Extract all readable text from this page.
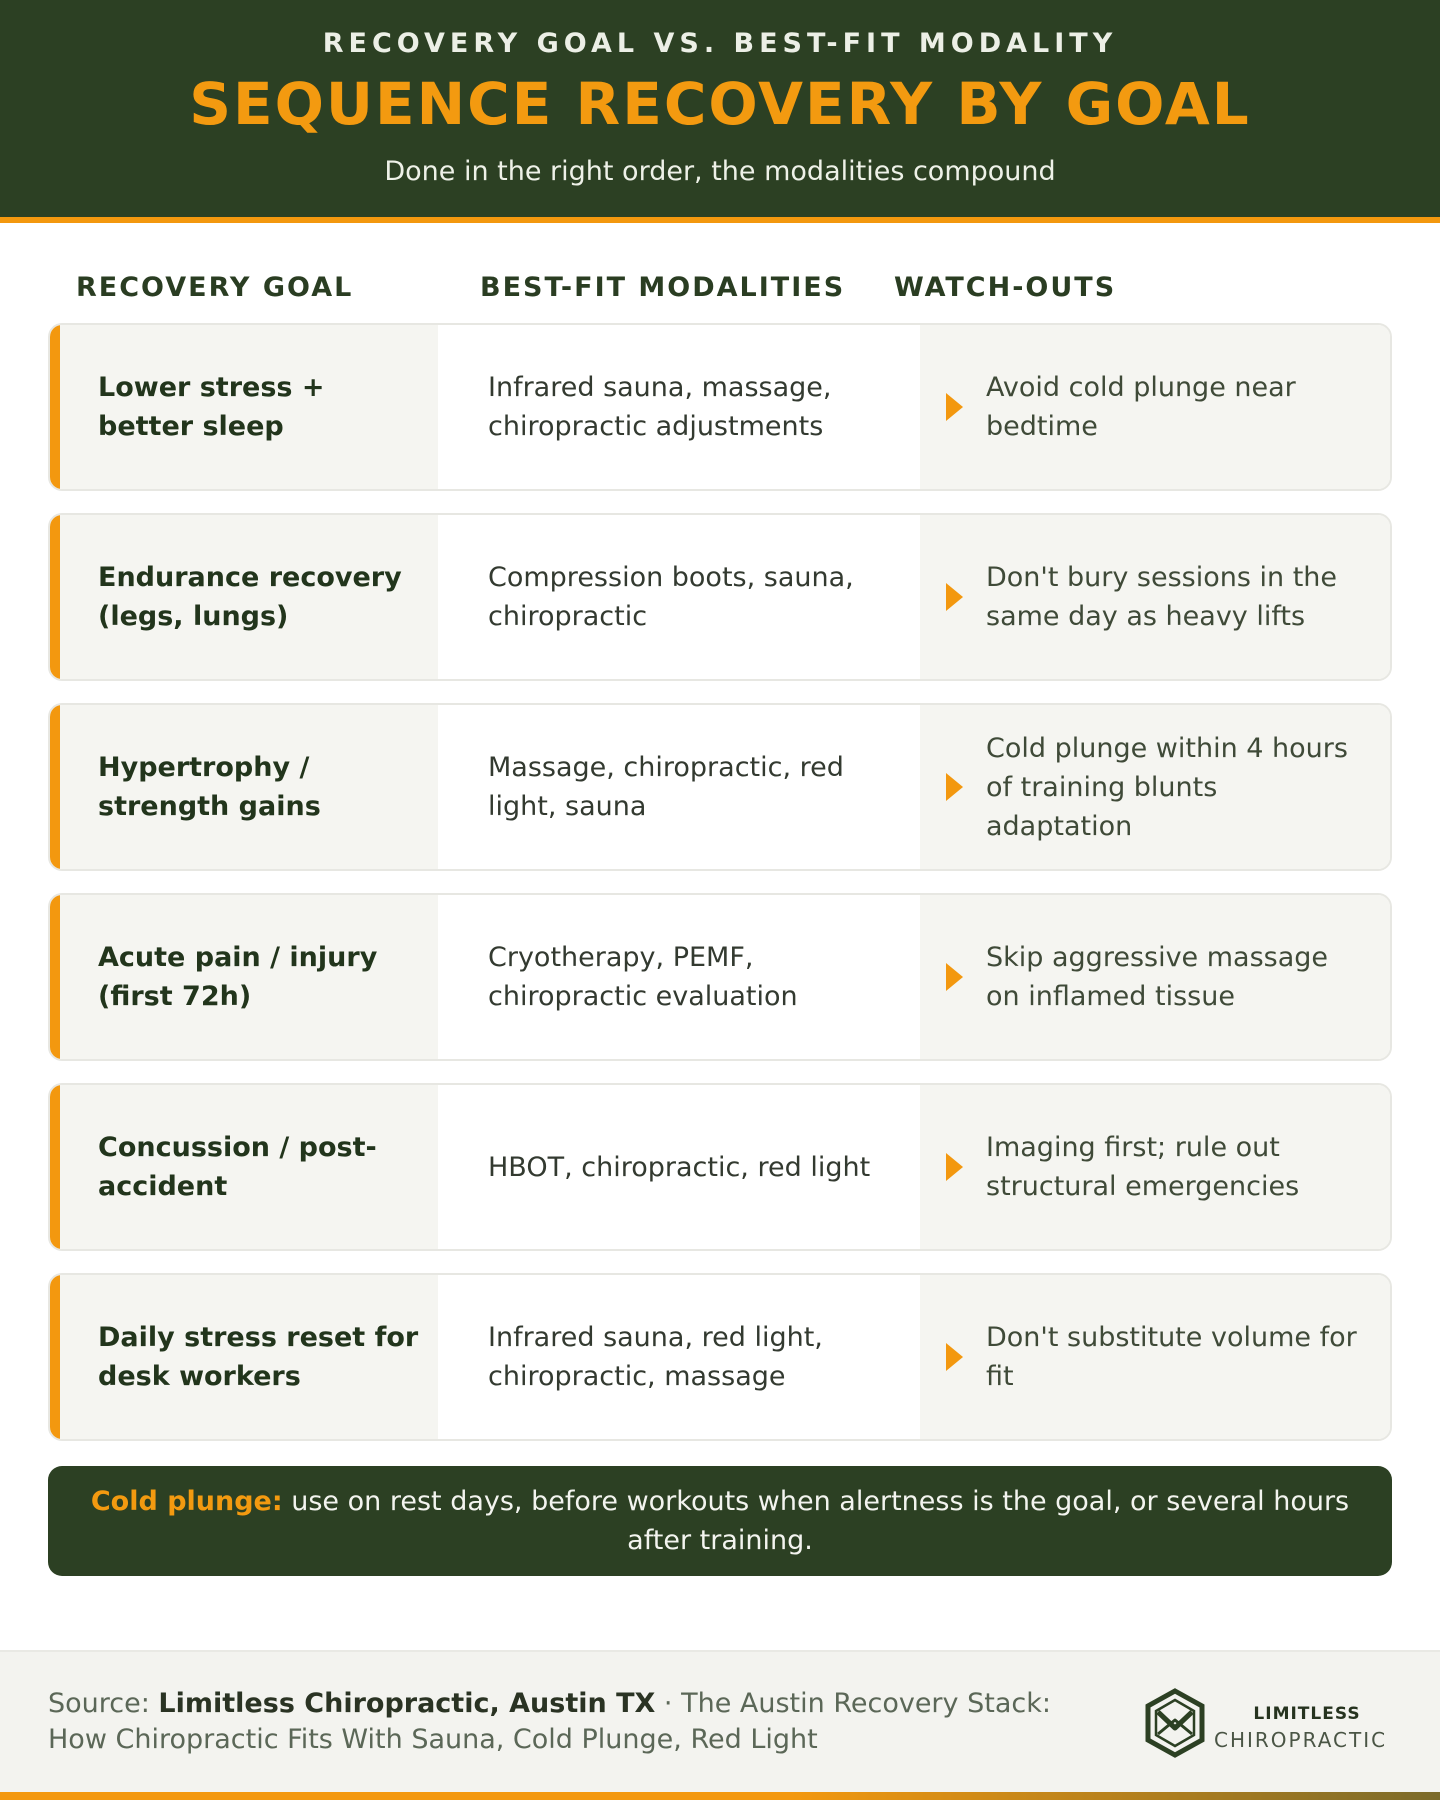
RECOVERY GOAL VS. BEST-FIT MODALITY
SEQUENCE RECOVERY BY GOAL
Done in the right order, the modalities compound
RECOVERY GOAL	BEST-FIT MODALITIES WATCH-OUTS
Lower stress + better sleep
Infrared sauna, massage, chiropractic adjustments
Avoid cold plunge near bedtime
Endurance recovery (legs, lungs)
Compression boots, sauna, chiropractic
Don't bury sessions in the same day as heavy lifts
Hypertrophy / strength gains
Massage, chiropractic, red light, sauna
Cold plunge within 4 hours of training blunts adaptation
Acute pain / injury (first 72h)
Cryotherapy, PEMF, chiropractic evaluation
Skip aggressive massage on inflamed tissue
Concussion / post-accident
HBOT, chiropractic, red light
Imaging first; rule out structural emergencies
Daily stress reset for desk workers
Infrared sauna, red light, chiropractic, massage
Don't substitute volume for fit
Cold plunge: use on rest days, before workouts when alertness is the goal, or several hours after training.
Source: Limitless Chiropractic, Austin TX · The Austin Recovery Stack: How Chiropractic Fits With Sauna, Cold Plunge, Red Light
LIMITLESS
CHIROPRACTIC
